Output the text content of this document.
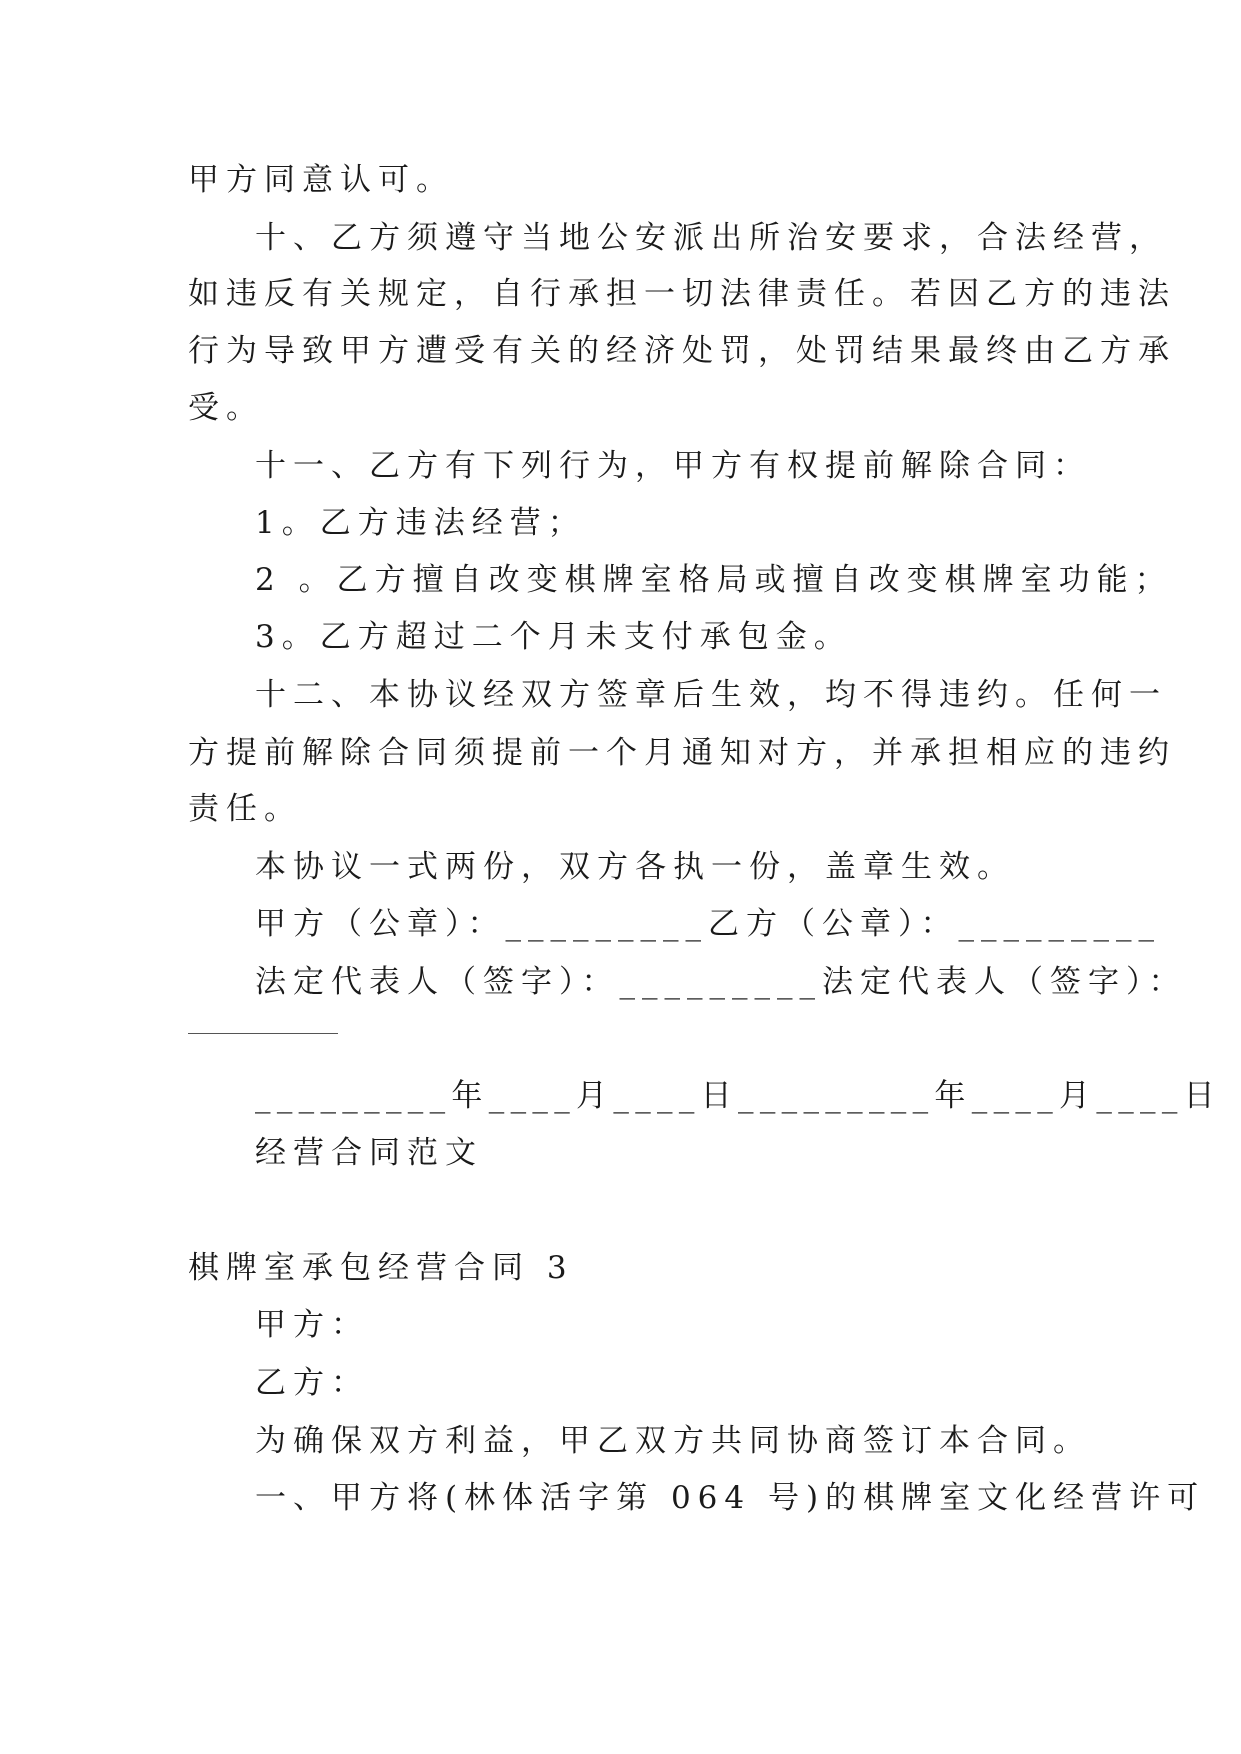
甲方同意认可。
十、乙方须遵守当地公安派出所治安要求，合法经营，
如违反有关规定，自行承担一切法律责任。若因乙方的违法
行为导致甲方遭受有关的经济处罚，处罚结果最终由乙方承
受。
十一、乙方有下列行为，甲方有权提前解除合同：
1。乙方违法经营；
2 。乙方擅自改变棋牌室格局或擅自改变棋牌室功能；
3。乙方超过二个月未支付承包金。
十二、本协议经双方签章后生效，均不得违约。任何一
方提前解除合同须提前一个月通知对方，并承担相应的违约
责任。
本协议一式两份，双方各执一份，盖章生效。
甲方（公章）：_________乙方（公章）：_________
法定代表人（签字）：_________法定代表人（签字）：
_________年____月____日_________年____月____日
经营合同范文
棋牌室承包经营合同 3
甲方：
乙方：
为确保双方利益，甲乙双方共同协商签订本合同。
一、甲方将(林体活字第 064 号)的棋牌室文化经营许可
